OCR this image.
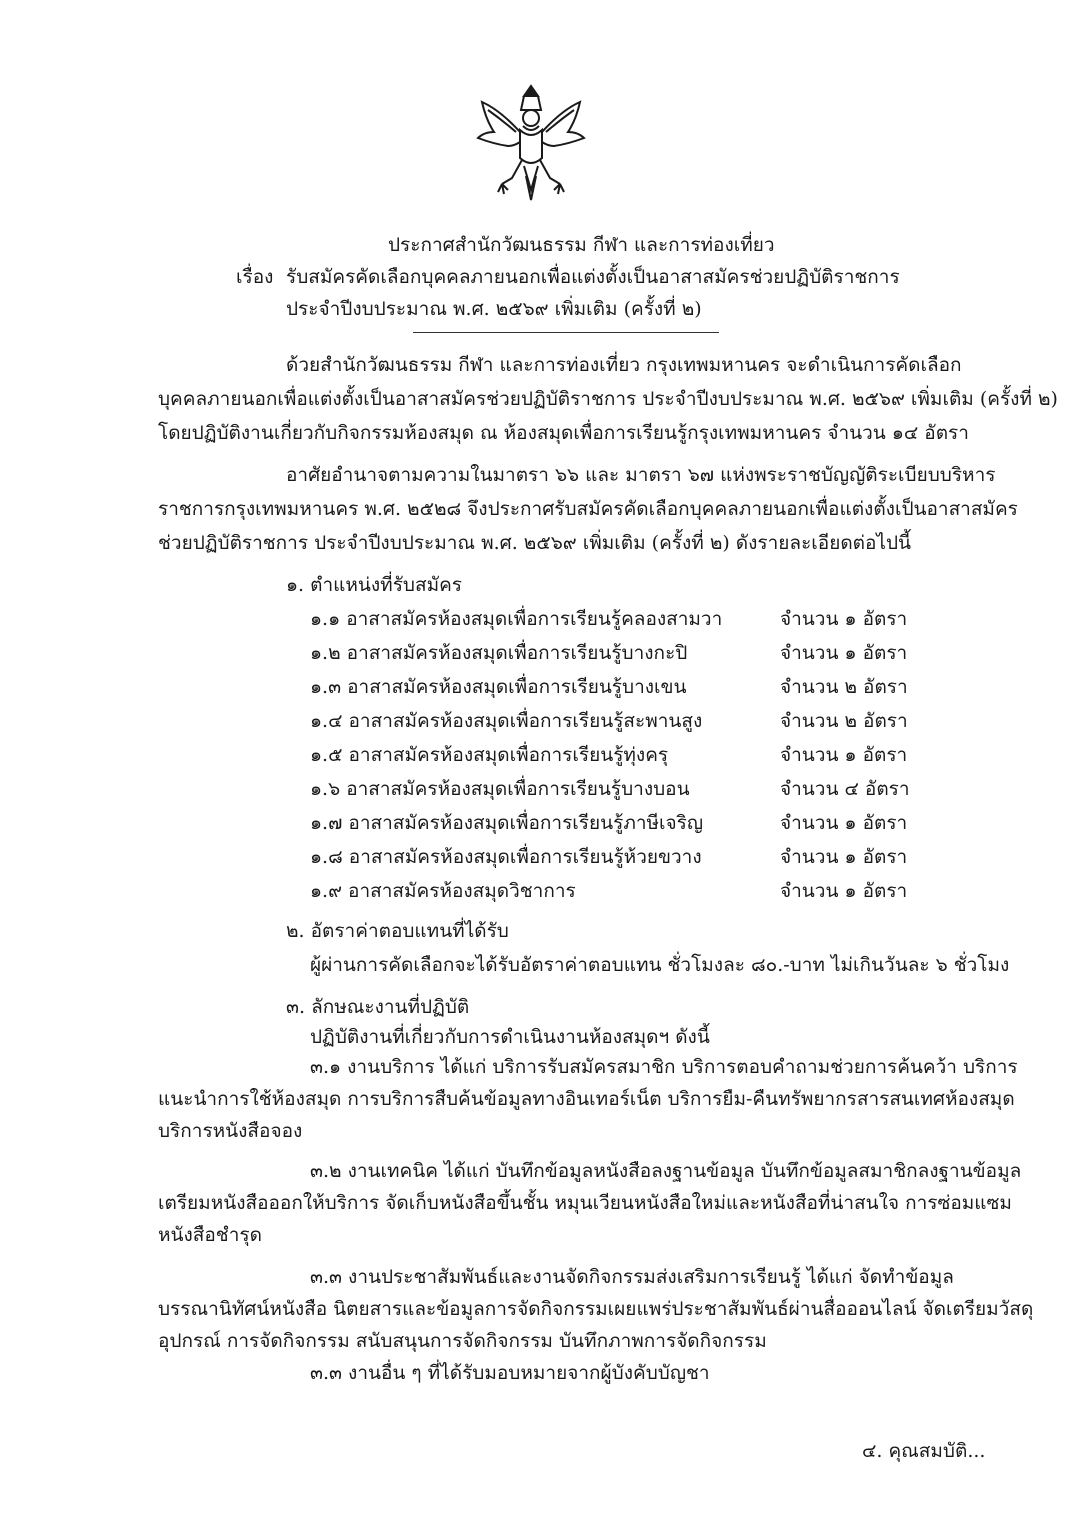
ประกาศสำนักวัฒนธรรม กีฬา และการท่องเที่ยว
เรื่อง รับสมัครคัดเลือกบุคคลภายนอกเพื่อแต่งตั้งเป็นอาสาสมัครช่วยปฏิบัติราชการ
ประจำปีงบประมาณ พ.ศ. ๒๕๖๙ เพิ่มเติม (ครั้งที่ ๒)
ด้วยสำนักวัฒนธรรม กีฬา และการท่องเที่ยว กรุงเทพมหานคร จะดำเนินการคัดเลือก
บุคคลภายนอกเพื่อแต่งตั้งเป็นอาสาสมัครช่วยปฏิบัติราชการ ประจำปีงบประมาณ พ.ศ. ๒๕๖๙ เพิ่มเติม (ครั้งที่ ๒)
โดยปฏิบัติงานเกี่ยวกับกิจกรรมห้องสมุด ณ ห้องสมุดเพื่อการเรียนรู้กรุงเทพมหานคร จำนวน ๑๔ อัตรา
อาศัยอำนาจตามความในมาตรา ๖๖ และ มาตรา ๖๗ แห่งพระราชบัญญัติระเบียบบริหาร
ราชการกรุงเทพมหานคร พ.ศ. ๒๕๒๘ จึงประกาศรับสมัครคัดเลือกบุคคลภายนอกเพื่อแต่งตั้งเป็นอาสาสมัคร
ช่วยปฏิบัติราชการ ประจำปีงบประมาณ พ.ศ. ๒๕๖๙ เพิ่มเติม (ครั้งที่ ๒) ดังรายละเอียดต่อไปนี้
๑. ตำแหน่งที่รับสมัคร
๑.๑ อาสาสมัครห้องสมุดเพื่อการเรียนรู้คลองสามวา	จำนวน ๑ อัตรา
๑.๒ อาสาสมัครห้องสมุดเพื่อการเรียนรู้บางกะปิ	จำนวน ๑ อัตรา
๑.๓ อาสาสมัครห้องสมุดเพื่อการเรียนรู้บางเขน	จำนวน ๒ อัตรา
๑.๔ อาสาสมัครห้องสมุดเพื่อการเรียนรู้สะพานสูง	จำนวน ๒ อัตรา
๑.๕ อาสาสมัครห้องสมุดเพื่อการเรียนรู้ทุ่งครุ	จำนวน ๑ อัตรา
๑.๖ อาสาสมัครห้องสมุดเพื่อการเรียนรู้บางบอน	จำนวน ๔ อัตรา
๑.๗ อาสาสมัครห้องสมุดเพื่อการเรียนรู้ภาษีเจริญ	จำนวน ๑ อัตรา
๑.๘ อาสาสมัครห้องสมุดเพื่อการเรียนรู้ห้วยขวาง	จำนวน ๑ อัตรา
๑.๙ อาสาสมัครห้องสมุดวิชาการ	จำนวน ๑ อัตรา
๒. อัตราค่าตอบแทนที่ได้รับ
ผู้ผ่านการคัดเลือกจะได้รับอัตราค่าตอบแทน ชั่วโมงละ ๘๐.-บาท ไม่เกินวันละ ๖ ชั่วโมง
๓. ลักษณะงานที่ปฏิบัติ
ปฏิบัติงานที่เกี่ยวกับการดำเนินงานห้องสมุดฯ ดังนี้
๓.๑ งานบริการ ได้แก่ บริการรับสมัครสมาชิก บริการตอบคำถามช่วยการค้นคว้า บริการ
แนะนำการใช้ห้องสมุด การบริการสืบค้นข้อมูลทางอินเทอร์เน็ต บริการยืม-คืนทรัพยากรสารสนเทศห้องสมุด
บริการหนังสือจอง
๓.๒ งานเทคนิค ได้แก่ บันทึกข้อมูลหนังสือลงฐานข้อมูล บันทึกข้อมูลสมาชิกลงฐานข้อมูล
เตรียมหนังสือออกให้บริการ จัดเก็บหนังสือขึ้นชั้น หมุนเวียนหนังสือใหม่และหนังสือที่น่าสนใจ การซ่อมแซม
หนังสือชำรุด
๓.๓ งานประชาสัมพันธ์และงานจัดกิจกรรมส่งเสริมการเรียนรู้ ได้แก่ จัดทำข้อมูล
บรรณานิทัศน์หนังสือ นิตยสารและข้อมูลการจัดกิจกรรมเผยแพร่ประชาสัมพันธ์ผ่านสื่อออนไลน์ จัดเตรียมวัสดุ
อุปกรณ์ การจัดกิจกรรม สนับสนุนการจัดกิจกรรม บันทึกภาพการจัดกิจกรรม
๓.๓ งานอื่น ๆ ที่ได้รับมอบหมายจากผู้บังคับบัญชา
๔. คุณสมบัติ...
